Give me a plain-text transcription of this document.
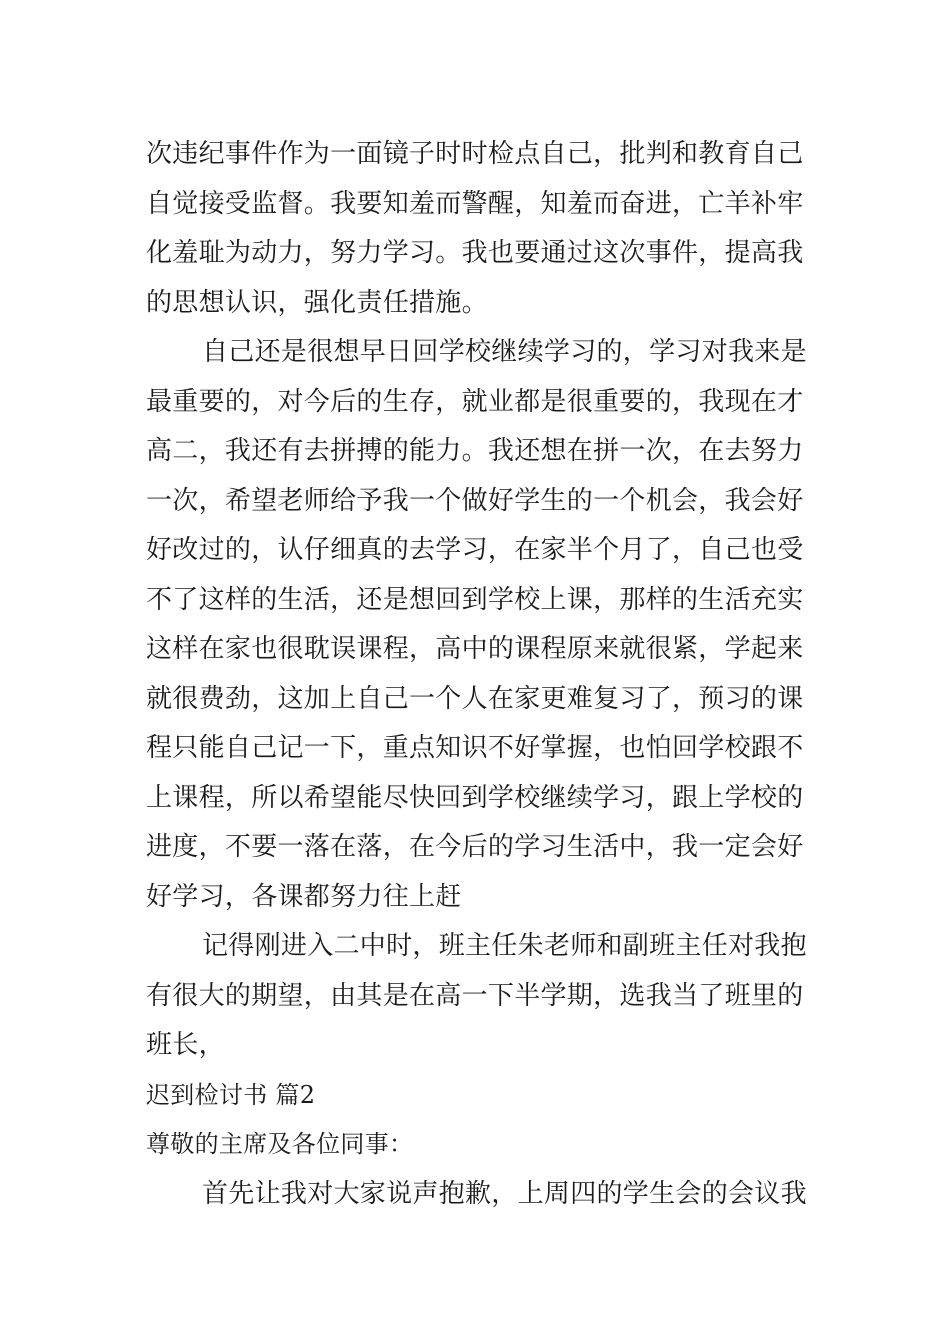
次违纪事件作为一面镜子时时检点自己，批判和教育自己
自觉接受监督。我要知羞而警醒，知羞而奋进，亡羊补牢
化羞耻为动力，努力学习。我也要通过这次事件，提高我
的思想认识，强化责任措施。

自己还是很想早日回学校继续学习的，学习对我来是
最重要的，对今后的生存，就业都是很重要的，我现在才
高二，我还有去拼搏的能力。我还想在拼一次，在去努力
一次，希望老师给予我一个做好学生的一个机会，我会好
好改过的，认仔细真的去学习，在家半个月了，自己也受
不了这样的生活，还是想回到学校上课，那样的生活充实
这样在家也很耽误课程，高中的课程原来就很紧，学起来
就很费劲，这加上自己一个人在家更难复习了，预习的课
程只能自己记一下，重点知识不好掌握，也怕回学校跟不
上课程，所以希望能尽快回到学校继续学习，跟上学校的
进度，不要一落在落，在今后的学习生活中，我一定会好
好学习，各课都努力往上赶

记得刚进入二中时，班主任朱老师和副班主任对我抱
有很大的期望，由其是在高一下半学期，选我当了班里的
班长，

迟到检讨书 篇2

尊敬的主席及各位同事：

首先让我对大家说声抱歉，上周四的学生会的会议我
